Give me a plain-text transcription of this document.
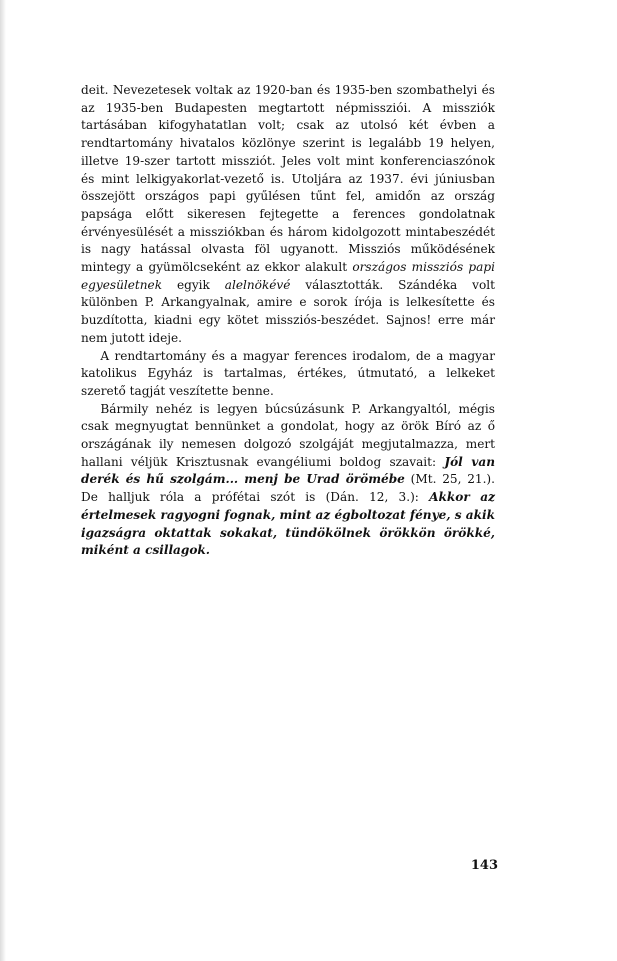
deit. Nevezetesek voltak az 1920-ban és 1935-ben szombathelyi és az 1935-ben Budapesten megtartott népmissziói. A missziók tartásában kifogyhatatlan volt; csak az utolsó két évben a rendtartomány hivatalos közlönye szerint is legalább 19 helyen, illetve 19-szer tartott missziót. Jeles volt mint konferenciaszónok és mint lelkigyakorlat-vezető is. Utoljára az 1937. évi júniusban összejött országos papi gyűlésen tűnt fel, amidőn az ország papsága előtt sikeresen fejtegette a ferences gondolatnak érvényesülését a missziókban és három kidolgozott mintabeszédét is nagy hatással olvasta föl ugyanott. Missziós működésének mintegy a gyümölcseként az ekkor alakult országos missziós papi egyesületnek egyik alelnökévé választották. Szándéka volt különben P. Arkangyalnak, amire e sorok írója is lelkesítette és buzdította, kiadni egy kötet missziós-beszédet. Sajnos! erre már nem jutott ideje.

A rendtartomány és a magyar ferences irodalom, de a magyar katolikus Egyház is tartalmas, értékes, útmutató, a lelkeket szerető tagját veszítette benne.

Bármily nehéz is legyen búcsúzásunk P. Arkangyaltól, mégis csak megnyugtat bennünket a gondolat, hogy az örök Bíró az ő országának ily nemesen dolgozó szolgáját megjutalmazza, mert hallani véljük Krisztusnak evangéliumi boldog szavait: Jól van derék és hű szolgám... menj be Urad örömébe (Mt. 25, 21.). De halljuk róla a prófétai szót is (Dán. 12, 3.): Akkor az értelmesek ragyogni fognak, mint az égboltozat fénye, s akik igazságra oktattak sokakat, tündökölnek örökkön örökké, miként a csillagok.

143
